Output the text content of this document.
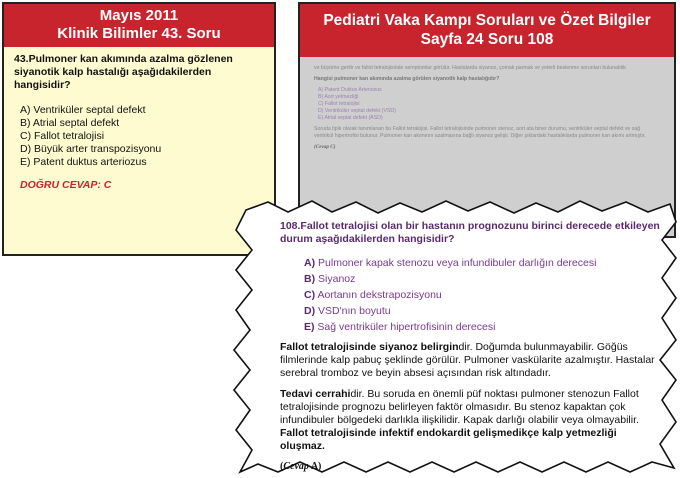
Mayıs 2011
Klinik Bilimler 43. Soru

43.Pulmoner kan akımında azalma gözlenen siyanotik kalp hastalığı aşağıdakilerden hangisidir?

A) Ventriküler septal defekt
B) Atrial septal defekt
C) Fallot tetralojisi
D) Büyük arter transpozisyonu
E) Patent duktus arteriozus
DOĞRU CEVAP: C
Pediatri Vaka Kampı Soruları ve Özet Bilgiler
Sayfa 24 Soru 108
ve büyüme gerilir ve fallot tetralojisinde semptomlar görülür. Hastalarda siyanoz, çomak parmak ve yeterli beslenme sorunları bulunabilir.
Hangisi pulmoner kan akımında azalma görülen siyanotik kalp hastalığıdır?
A) Patent Duktus Arteriozus
B) Aort yetmezliği
C) Fallot tetralojisi
D) Ventriküler septal defekt (VSD)
E) Atrial septal defekt (ASD)
Soruda tipik olarak tanımlanan bu Fallot tetralojisi. Fallot tetralojisinde pulmoner stenoz, aort ata biner durumu, ventriküler septal defekt ve sağ ventrikül hipertrofisi bulunur. Pulmoner kan akımının azalmasına bağlı siyanoz gelişir. Diğer şıklardaki hastalıklarda pulmoner kan akımı artmıştır.
(Cevap C)

108.Fallot tetralojisi olan bir hastanın prognozunu birinci derecede etkileyen durum aşağıdakilerden hangisidir?

A) Pulmoner kapak stenozu veya infundibuler darlığın derecesi
B) Siyanoz
C) Aortanın dekstrapozisyonu
D) VSD'nın boyutu
E) Sağ ventriküler hipertrofisinin derecesi

Fallot tetralojisinde siyanoz belirgindir. Doğumda bulunmayabilir. Göğüs filmlerinde kalp pabuç şeklinde görülür. Pulmoner vaskülarite azalmıştır. Hastalar serebral tromboz ve beyin absesi açısından risk altındadır.

Tedavi cerrahidir. Bu soruda en önemli püf noktası pulmoner stenozun Fallot tetralojisinde prognozu belirleyen faktör olmasıdır. Bu stenoz kapaktan çok infundibuler bölgedeki darlıkla ilişkilidir. Kapak darlığı olabilir veya olmayabilir. Fallot tetralojisinde infektif endokardit gelişmedikçe kalp yetmezliği oluşmaz.

(Cevap A)
